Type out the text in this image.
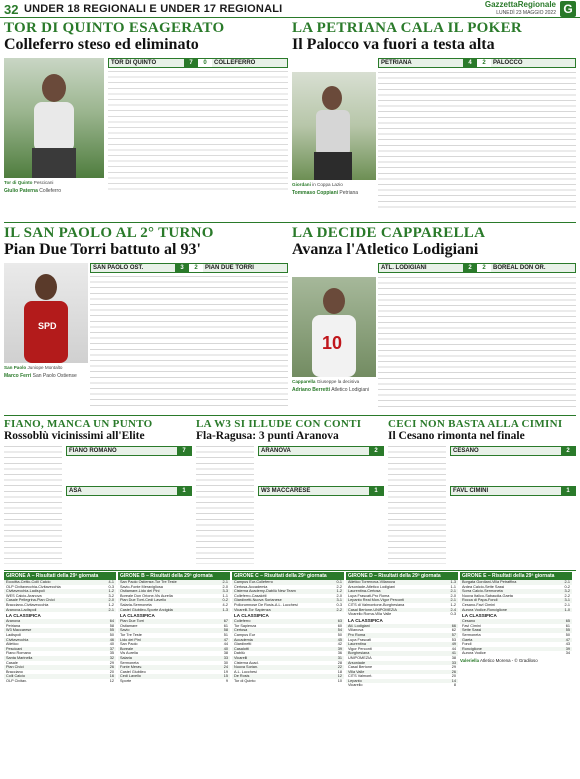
32 UNDER 18 REGIONALI E UNDER 17 REGIONALI	GazzettaRegionale
LUNEDÌ 23 MAGGIO 2022 G
TOR DI QUINTO ESAGERATO
Colleferro steso ed eliminato
Tor di Quinto Pescicani
Giulio Paterna Colleferro
TOR DI QUINTO	7	0	COLLEFERRO
LA PETRIANA CALA IL POKER
Il Palocco va fuori a testa alta
PETRIANA	4	2	PALOCCO
Giordani in Coppa Lazio
Tommaso Coppiani Petriana
IL SAN PAOLO AL 2° TURNO
Pian Due Torri battuto al 93'
SPD
San Paolo Juniope Montalto
Marco Ferri San Paolo Ostiense
SAN PAOLO OST.	3	2	PIAN DUE TORRI
LA DECIDE CAPPARELLA
Avanza l'Atletico Lodigiani
ATL. LODIGIANI	2	2	BOREAL DON OR.
10
Capparella Giuseppe la decisiva
Adriano Berretti Atletico Lodigiani
FIANO, MANCA UN PUNTO
Rossoblù vicinissimi all'Elite
FIANO ROMANO	7
ASA	1
LA W3 SI ILLUDE CON CONTI
Fla-Ragusa: 3 punti Aranova
ARANOVA	2
W3 MACCARESE	1
CECI NON BASTA ALLA CIMINI
Il Cesano rimonta nel finale
CESANO	2
FAVL CIMINI	1
GIRONE A – Risultati della 29ª giornata
Ecocitta-Celtic-Colli Calcio	4-1
OLP Civitavecchia-Civitavecchia	0-3
Civitavecchia-Ladispoli	1-2
WES Calcio-Aranova	3-2
Casale Pellegrina-Pian Civici	2-0
Bracciano-Civitaveccchia	1-2
Aranova-Ladispoli	2-1
LA CLASSIFICA
Aranova	64
Petriana	58
W3 Maccarese	55
Ladispoli	50
Civitavecchia	46
Atletico	40
Pescicani	37
Fiano Romano	35
Santa Marinella	32
Casale	29
Pian Civici	26
Bracciano	20
Colli Calcio	16
OLP Civitav.	12
GIRONE B – Risultati della 29ª giornata
San Paolo Ostiense-Tor Tre Teste	2-1
Savio-Fonte Meravigliosa	2-0
Ostiamare-Lido dei Pini	3-3
Boreale Don Orione-Vis Aurelia	1-1
Pian Due Torri-Cedi Lavello	0-2
Salaria-Sermoneta	4-2
Castel Giubileo-Sporte Arcigida	1-3
LA CLASSIFICA
Pian Due Torri	67
Ostiamare	61
Savio	58
Tor Tre Teste	51
Lido dei Pini	47
San Paolo	44
Boreale	40
Vis Aurelia	38
Salaria	33
Sermoneta	30
Fonte Merav.	24
Castel Giubileo	19
Cedi Lavello	15
Sporte	9
GIRONE C – Risultati della 29ª giornata
Campus Eur-Colleferro	0-1
Certosa-Accademia	2-2
Cisterna Academy-Dabliù New Team	1-2
Colleferro-Casalotti	2-0
Giardinetti-Nuova Sorianese	3-1
Pollorumnose De Rosis-A.L. Lucchesi	0-3
Vicarelli-Tor Sapienza	2-2
LA CLASSIFICA
Colleferro	63
Tor Sapienza	60
Certosa	54
Campus Eur	50
Accademia	45
Giardinetti	42
Casalotti	39
Dabliù	36
Vicarelli	31
Cisterna Acad.	28
Nuova Sorian.	22
A.L. Lucchesi	18
De Rosis	12
Tor di Quinto	10
GIRONE D – Risultati della 29ª giornata
Atletico Torrenova-Villanova	1-3
Arsoniade-Atletico Lodigiani	1-1
Laurentina-Certosa	2-1
Lupa Frascati-Pro Roma	2-0
Lepanto Real Mon-Vigor Perconti	2-1
CITS di Valmontone-Borghesiana	1-2
Casal Bertone-UNIPOMEZIA	2-4
Vicarello Roma-Villa Valle	0-3
LA CLASSIFICA
Atl. Lodigiani	66
Villanova	62
Pro Roma	57
Lupa Frascati	53
Laurentina	49
Vigor Perconti	44
Borghesiana	41
UNIPOMEZIA	38
Arsoniade	33
Casal Bertone	29
Villa Valle	26
CITS Valmont.	20
Lepanto	14
Vicarello	8
GIRONE E – Risultati della 29ª giornata
Borgata Gordiani-Villa Petraffina	2-1
Ardea Calcio-Sette Sassi	0-2
Sorra Calcio-Sermoneta	3-2
Nuova Italico-Sabaudia-Gaeta	2-2
Rocca di Papa-Fondi	3-1
Cesano-Favl Cimini	2-1
Aurora Vodice-Ronciglione	1-0
LA CLASSIFICA
Cesano	65
Favl Cimini	61
Sette Sassi	55
Sermoneta	50
Gaeta	47
Fondi	43
Ronciglione	39
Aurora Vodice	34
Valeriella Atletico Morena - © Gradiloso
